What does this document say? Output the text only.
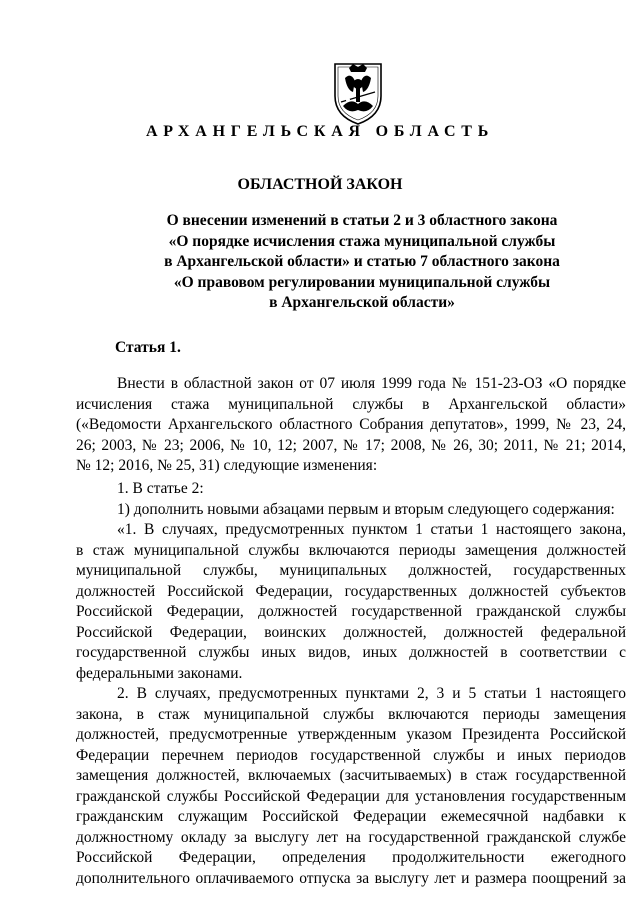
АРХАНГЕЛЬСКАЯ ОБЛАСТЬ
ОБЛАСТНОЙ ЗАКОН
О внесении изменений в статьи 2 и 3 областного закона
«О порядке исчисления стажа муниципальной службы
в Архангельской области» и статью 7 областного закона
«О правовом регулировании муниципальной службы
в Архангельской области»
Статья 1.
Внести в областной закон от 07 июля 1999 года № 151-23-ОЗ «О порядке
исчисления стажа муниципальной службы в Архангельской области»
(«Ведомости Архангельского областного Собрания депутатов», 1999, № 23, 24,
26; 2003, № 23; 2006, № 10, 12; 2007, № 17; 2008, № 26, 30; 2011, № 21; 2014,
№ 12; 2016, № 25, 31) следующие изменения:
1. В статье 2:
1) дополнить новыми абзацами первым и вторым следующего содержания:
«1. В случаях, предусмотренных пунктом 1 статьи 1 настоящего закона,
в стаж муниципальной службы включаются периоды замещения должностей
муниципальной службы, муниципальных должностей, государственных
должностей Российской Федерации, государственных должностей субъектов
Российской Федерации, должностей государственной гражданской службы
Российской Федерации, воинских должностей, должностей федеральной
государственной службы иных видов, иных должностей в соответствии с
федеральными законами.
2. В случаях, предусмотренных пунктами 2, 3 и 5 статьи 1 настоящего
закона, в стаж муниципальной службы включаются периоды замещения
должностей, предусмотренные утвержденным указом Президента Российской
Федерации перечнем периодов государственной службы и иных периодов
замещения должностей, включаемых (засчитываемых) в стаж государственной
гражданской службы Российской Федерации для установления государственным
гражданским служащим Российской Федерации ежемесячной надбавки к
должностному окладу за выслугу лет на государственной гражданской службе
Российской Федерации, определения продолжительности ежегодного
дополнительного оплачиваемого отпуска за выслугу лет и размера поощрений за
